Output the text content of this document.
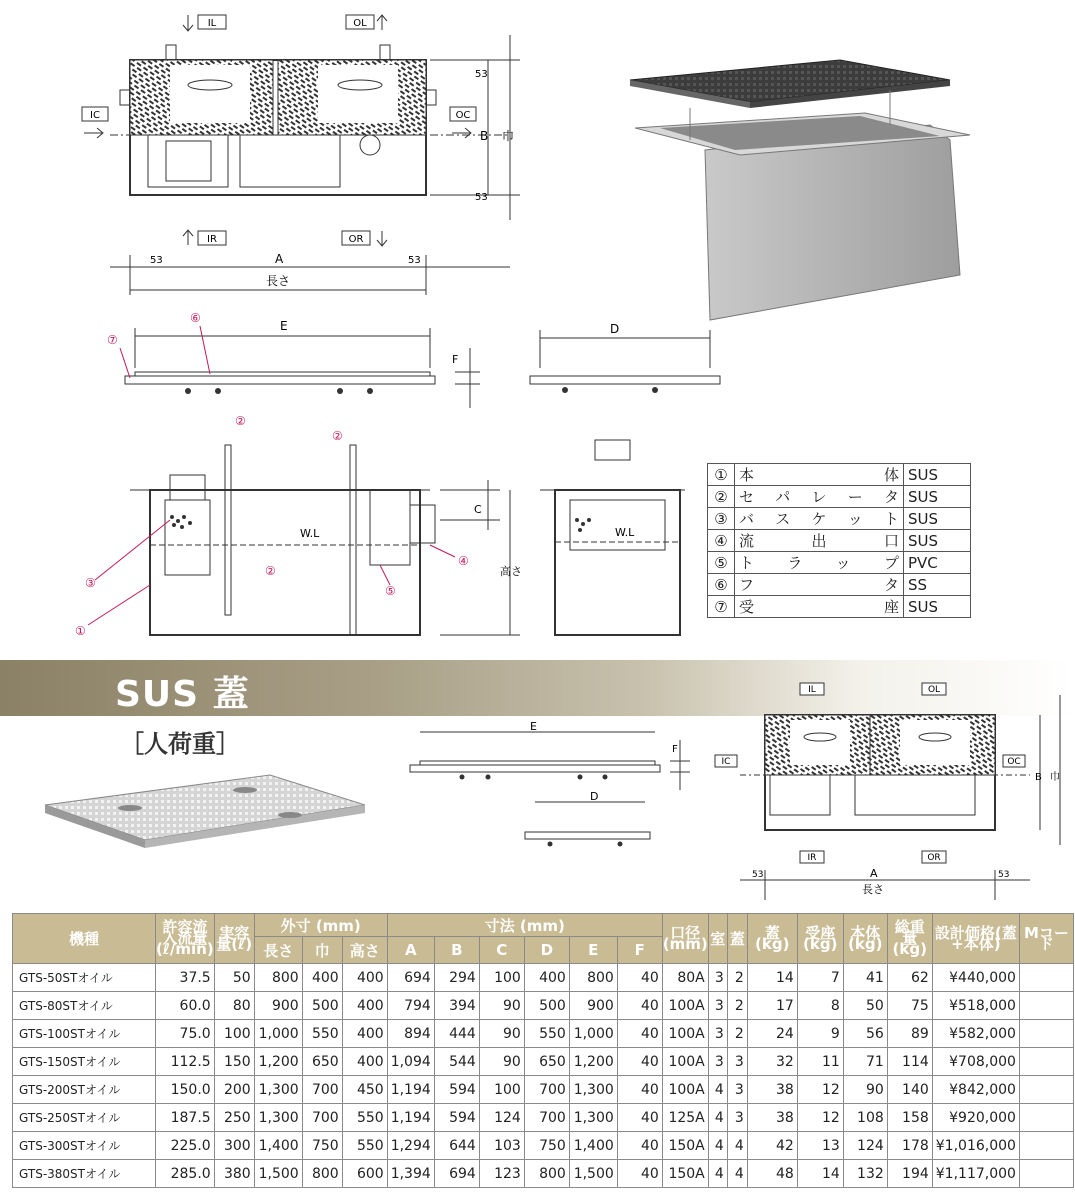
IL	OL
IC	OC
IR	OR
53	53
A
長さ
53
53
B 巾
E
F
⑦
⑥
D
W.L
C
高さ
②
②
②
③
④
⑤
①
W.L
①	本 体	SUS
②	セ パ レ ー タ	SUS
③	バ ス ケ ッ ト	SUS
④	流 出 口	SUS
⑤	ト ラ ッ プ	PVC
⑥	フ タ	SS
⑦	受 座	SUS
SUS 蓋
［人荷重］
E
F
D
IL	OL
IC	OC
IR	OR
A
長さ
53	53
B 巾
機種	許容流入流量(ℓ/min)	実容量(ℓ)	外寸 (mm)			寸法 (mm)						口径(mm)	室	蓋	蓋(kg)	受座(kg)	本体(kg)	総重量(kg)	設計価格(蓋+本体)	Mコード
			長さ	巾	高さ	A	B	C	D	E	F									
GTS-50STオイル	37.5	50	800	400	400	694	294	100	400	800	40	80A	3	2	14	7	41	62	¥440,000	
GTS-80STオイル	60.0	80	900	500	400	794	394	90	500	900	40	100A	3	2	17	8	50	75	¥518,000	
GTS-100STオイル	75.0	100	1,000	550	400	894	444	90	550	1,000	40	100A	3	2	24	9	56	89	¥582,000	
GTS-150STオイル	112.5	150	1,200	650	400	1,094	544	90	650	1,200	40	100A	3	3	32	11	71	114	¥708,000	
GTS-200STオイル	150.0	200	1,300	700	450	1,194	594	100	700	1,300	40	100A	4	3	38	12	90	140	¥842,000	
GTS-250STオイル	187.5	250	1,300	700	550	1,194	594	124	700	1,300	40	125A	4	3	38	12	108	158	¥920,000	
GTS-300STオイル	225.0	300	1,400	750	550	1,294	644	103	750	1,400	40	150A	4	4	42	13	124	178	¥1,016,000	
GTS-380STオイル	285.0	380	1,500	800	600	1,394	694	123	800	1,500	40	150A	4	4	48	14	132	194	¥1,117,000	
